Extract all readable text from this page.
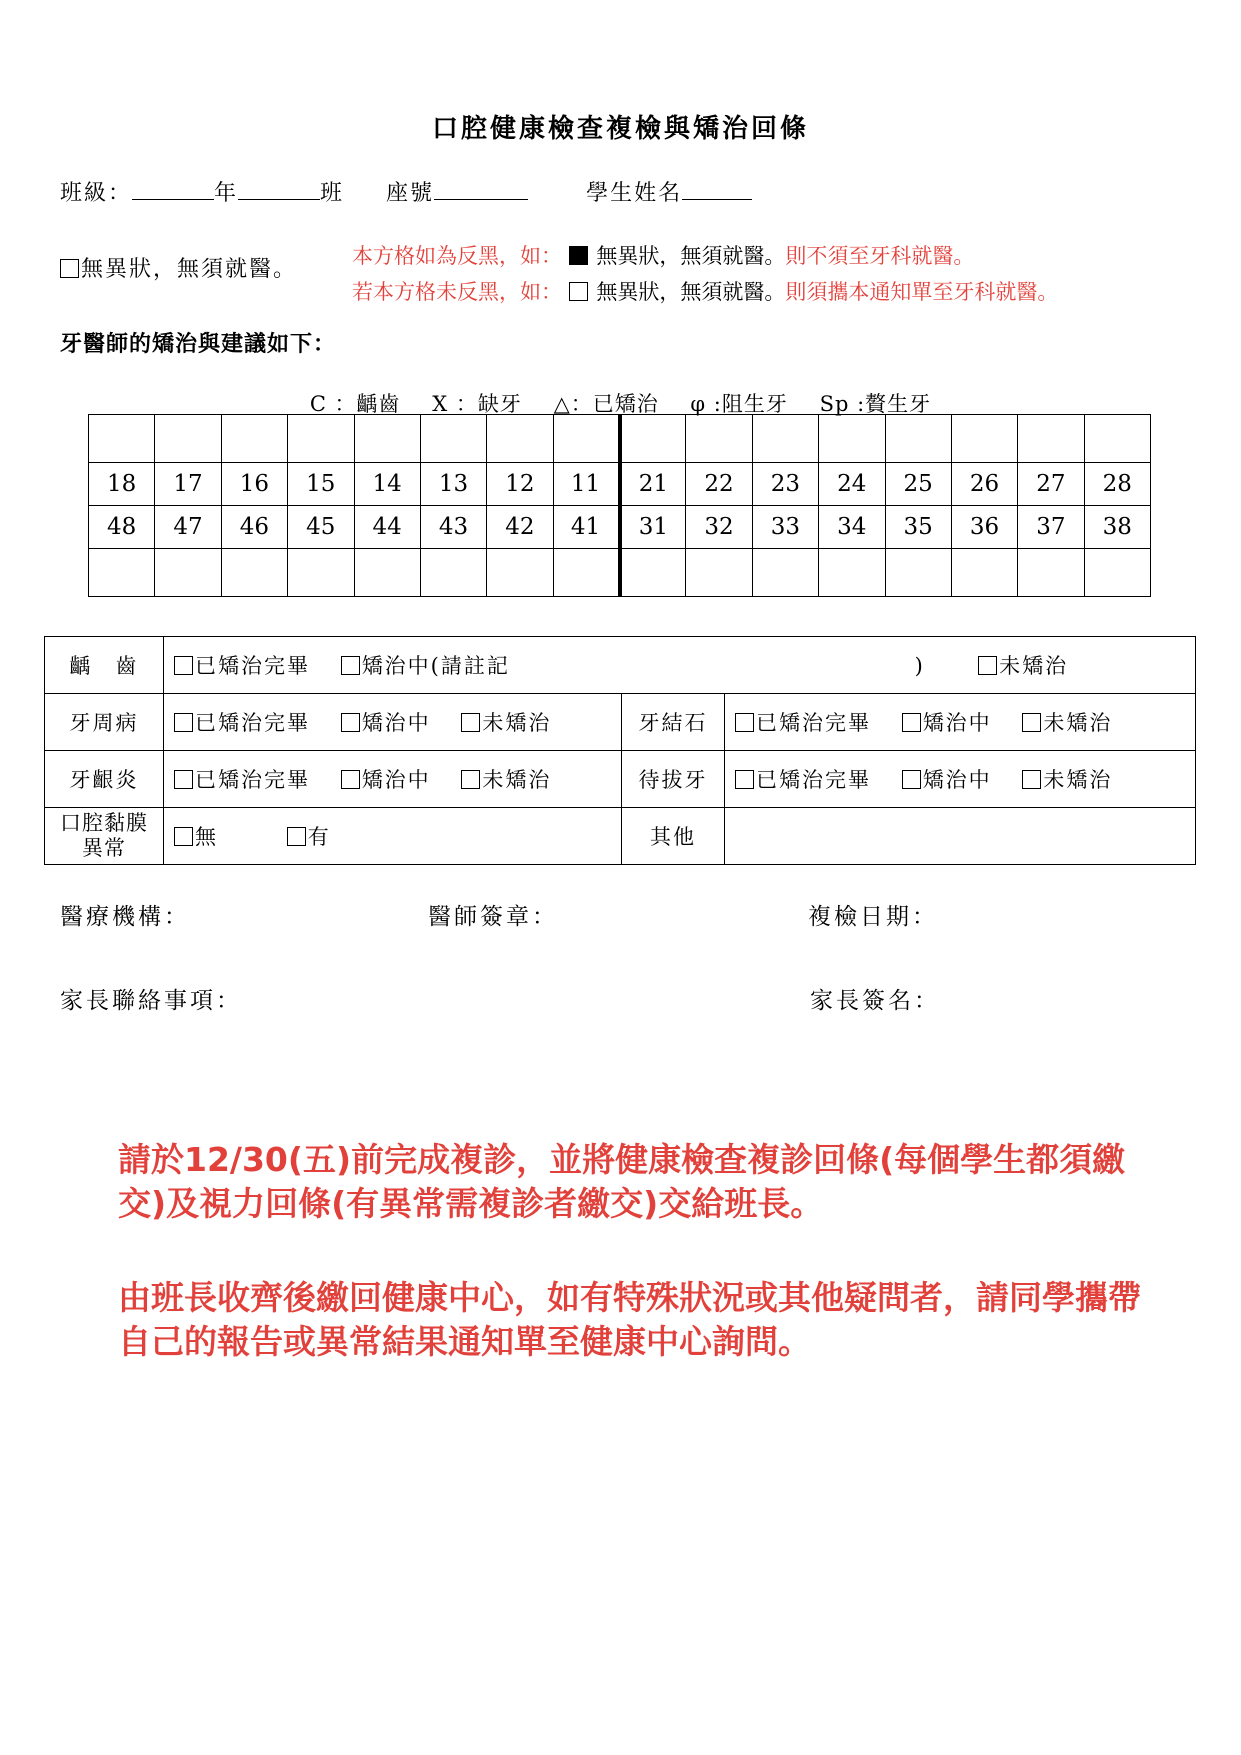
口腔健康檢查複檢與矯治回條
班級：	年	班 座號	學生姓名
無異狀，無須就醫。
本方格如為反黑，如： 無異狀，無須就醫。則不須至牙科就醫。
若本方格未反黑，如： 無異狀，無須就醫。則須攜本通知單至牙科就醫。
牙醫師的矯治與建議如下：
C ：齲齒 X ：缺牙 △：已矯治 φ :阻生牙 Sp :贅生牙

18	17	16	15	14	13	12	11	21	22	23	24	25	26	27	28
48	47	46	45	44	43	42	41	31	32	33	34	35	36	37	38

齲　齒	已矯治完畢 矯治中(請註記 ) 未矯治		
牙周病	已矯治完畢 矯治中 未矯治	牙結石	已矯治完畢 矯治中 未矯治
牙齦炎	已矯治完畢 矯治中 未矯治	待拔牙	已矯治完畢 矯治中 未矯治

口腔黏膜
異常	無 有	其他	
醫療機構：	醫師簽章：	複檢日期：
家長聯絡事項：	家長簽名：
請於12/30(五)前完成複診，並將健康檢查複診回條(每個學生都須繳交)及視力回條(有異常需複診者繳交)交給班長。
由班長收齊後繳回健康中心，如有特殊狀況或其他疑問者，請同學攜帶自己的報告或異常結果通知單至健康中心詢問。
